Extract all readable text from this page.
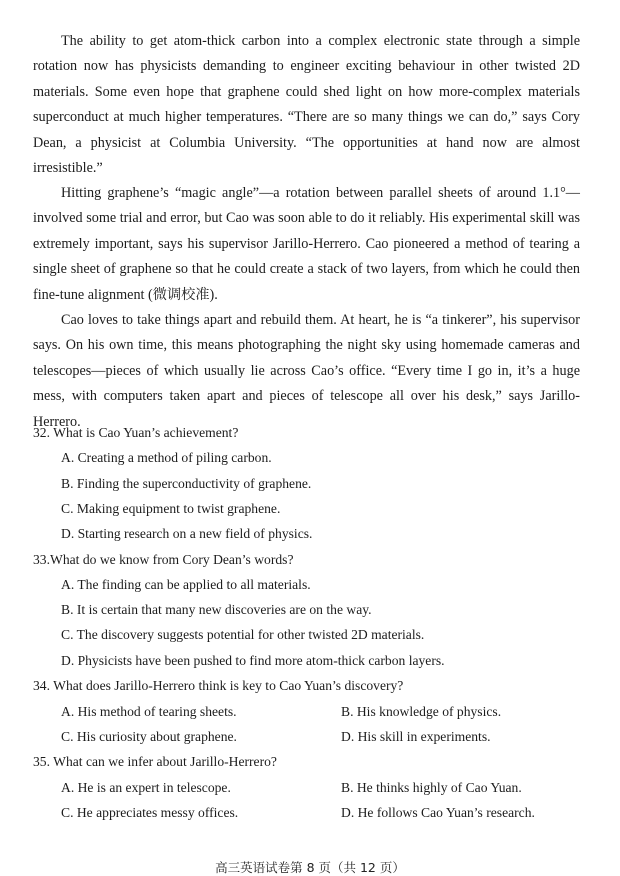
The ability to get atom-thick carbon into a complex electronic state through a simple rotation now has physicists demanding to engineer exciting behaviour in other twisted 2D materials. Some even hope that graphene could shed light on how more-complex materials superconduct at much higher temperatures. “There are so many things we can do,” says Cory Dean, a physicist at Columbia University. “The opportunities at hand now are almost irresistible.”

Hitting graphene’s “magic angle”—a rotation between parallel sheets of around 1.1°—involved some trial and error, but Cao was soon able to do it reliably. His experimental skill was extremely important, says his supervisor Jarillo-Herrero. Cao pioneered a method of tearing a single sheet of graphene so that he could create a stack of two layers, from which he could then fine-tune alignment (微调校准).

Cao loves to take things apart and rebuild them. At heart, he is “a tinkerer”, his supervisor says. On his own time, this means photographing the night sky using homemade cameras and telescopes—pieces of which usually lie across Cao’s office. “Every time I go in, it’s a huge mess, with computers taken apart and pieces of telescope all over his desk,” says Jarillo-Herrero.

32. What is Cao Yuan’s achievement?
A. Creating a method of piling carbon.
B. Finding the superconductivity of graphene.
C. Making equipment to twist graphene.
D. Starting research on a new field of physics.
33.What do we know from Cory Dean’s words?
A. The finding can be applied to all materials.
B. It is certain that many new discoveries are on the way.
C. The discovery suggests potential for other twisted 2D materials.
D. Physicists have been pushed to find more atom-thick carbon layers.
34. What does Jarillo-Herrero think is key to Cao Yuan’s discovery?
A. His method of tearing sheets.	B. His knowledge of physics.
C. His curiosity about graphene.	D. His skill in experiments.
35. What can we infer about Jarillo-Herrero?
A. He is an expert in telescope.	B. He thinks highly of Cao Yuan.
C. He appreciates messy offices.	D. He follows Cao Yuan’s research.
高三英语试卷第 8 页（共 12 页）
